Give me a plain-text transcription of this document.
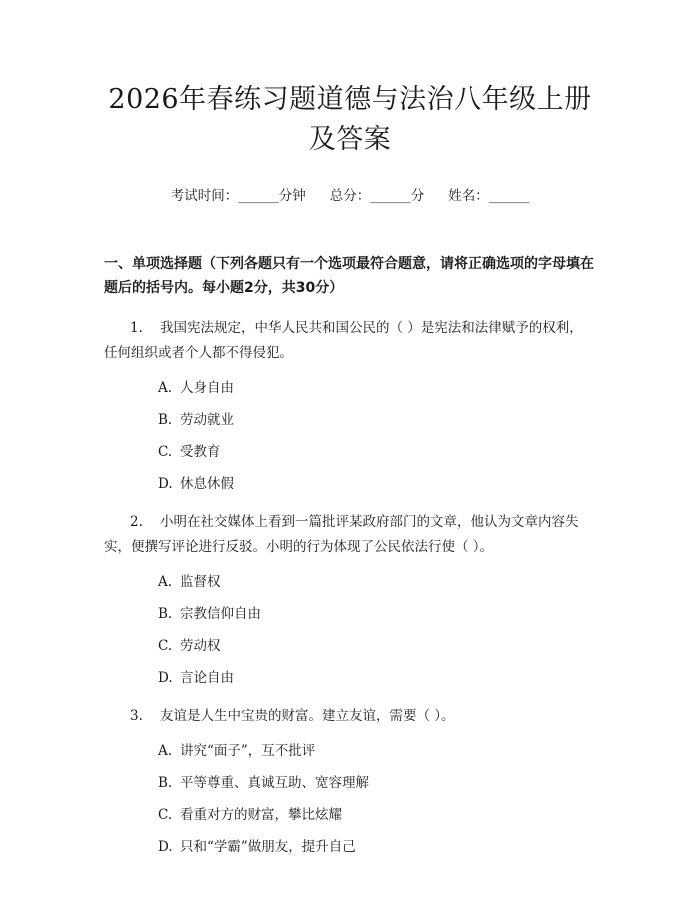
2026年春练习题道德与法治八年级上册及答案
考试时间：______分钟 总分：______分 姓名：______
一、单项选择题（下列各题只有一个选项最符合题意，请将正确选项的字母填在题后的括号内。每小题2分，共30分）
1. 我国宪法规定，中华人民共和国公民的（ ）是宪法和法律赋予的权利，任何组织或者个人都不得侵犯。
A. 人身自由
B. 劳动就业
C. 受教育
D. 休息休假
2. 小明在社交媒体上看到一篇批评某政府部门的文章，他认为文章内容失实，便撰写评论进行反驳。小明的行为体现了公民依法行使（ ）。
A. 监督权
B. 宗教信仰自由
C. 劳动权
D. 言论自由
3. 友谊是人生中宝贵的财富。建立友谊，需要（ ）。
A. 讲究“面子”，互不批评
B. 平等尊重、真诚互助、宽容理解
C. 看重对方的财富，攀比炫耀
D. 只和“学霸”做朋友，提升自己
